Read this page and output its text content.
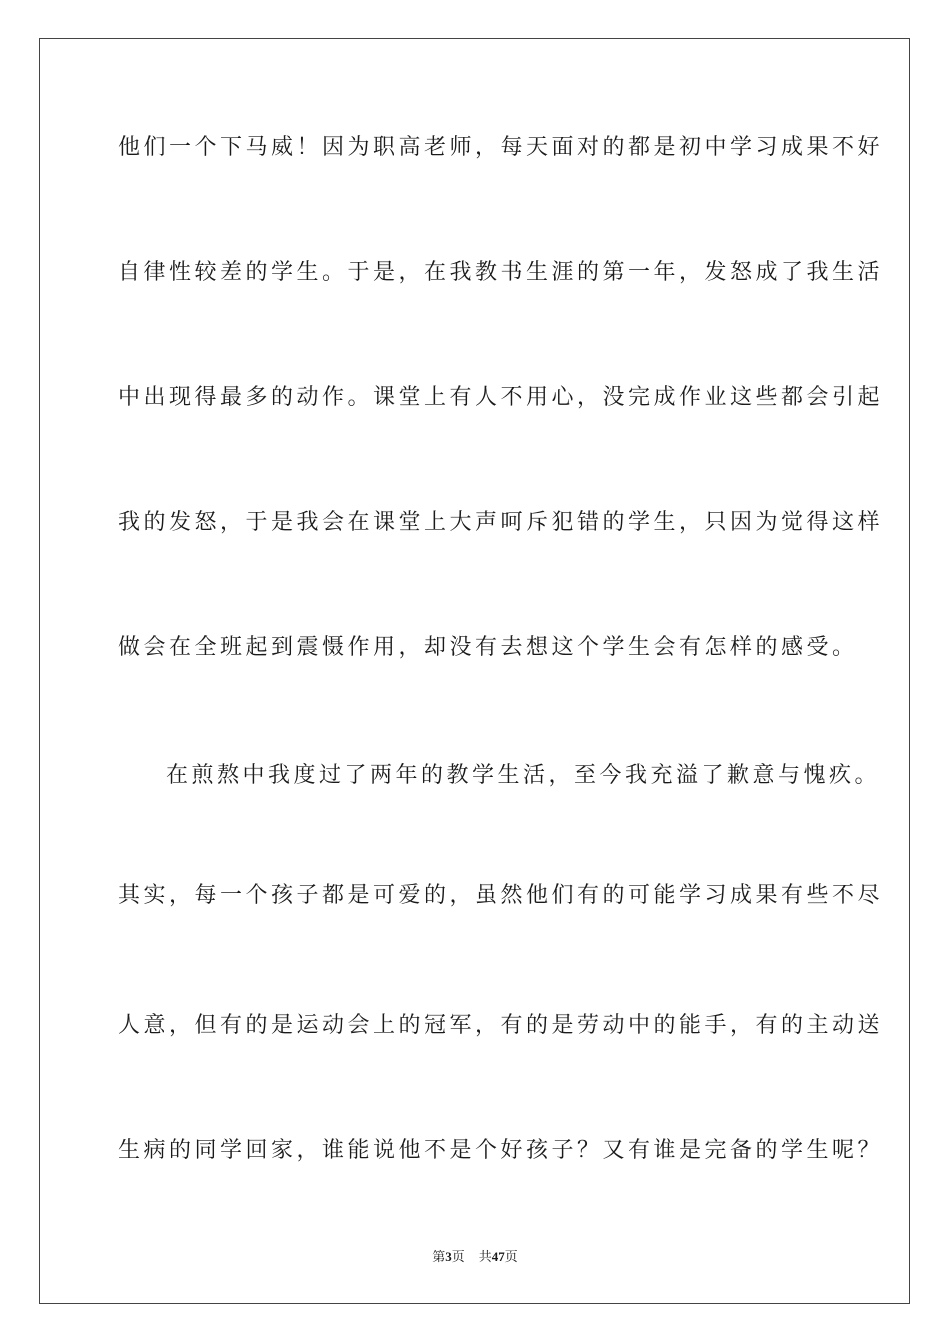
他们一个下马威！因为职高老师，每天面对的都是初中学习成果不好
自律性较差的学生。于是，在我教书生涯的第一年，发怒成了我生活
中出现得最多的动作。课堂上有人不用心，没完成作业这些都会引起
我的发怒，于是我会在课堂上大声呵斥犯错的学生，只因为觉得这样
做会在全班起到震慑作用，却没有去想这个学生会有怎样的感受。
在煎熬中我度过了两年的教学生活，至今我充溢了歉意与愧疚。
其实，每一个孩子都是可爱的，虽然他们有的可能学习成果有些不尽
人意，但有的是运动会上的冠军，有的是劳动中的能手，有的主动送
生病的同学回家，谁能说他不是个好孩子？又有谁是完备的学生呢？
第3页 共47页
